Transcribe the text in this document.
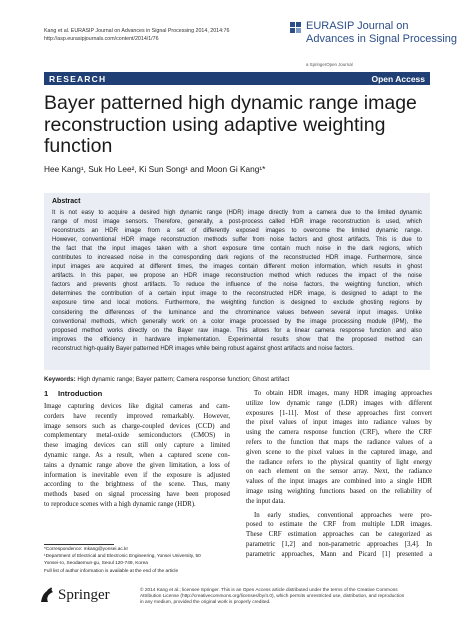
Kang et al. EURASIP Journal on Advances in Signal Processing 2014, 2014:76
http://asp.eurasipjournals.com/content/2014/1/76
EURASIP Journal on
Advances in Signal Processing
a SpringerOpen Journal
RESEARCH	Open Access
Bayer patterned high dynamic range image reconstruction using adaptive weighting function
Hee Kang¹, Suk Ho Lee², Ki Sun Song¹ and Moon Gi Kang¹*
Abstract
It is not easy to acquire a desired high dynamic range (HDR) image directly from a camera due to the limited dynamic
range of most image sensors. Therefore, generally, a post-process called HDR image reconstruction is used, which
reconstructs an HDR image from a set of differently exposed images to overcome the limited dynamic range.
However, conventional HDR image reconstruction methods suffer from noise factors and ghost artifacts. This is due to
the fact that the input images taken with a short exposure time contain much noise in the dark regions, which
contributes to increased noise in the corresponding dark regions of the reconstructed HDR image. Furthermore, since
input images are acquired at different times, the images contain different motion information, which results in ghost
artifacts. In this paper, we propose an HDR image reconstruction method which reduces the impact of the noise
factors and prevents ghost artifacts. To reduce the influence of the noise factors, the weighting function, which
determines the contribution of a certain input image to the reconstructed HDR image, is designed to adapt to the
exposure time and local motions. Furthermore, the weighting function is designed to exclude ghosting regions by
considering the differences of the luminance and the chrominance values between several input images. Unlike
conventional methods, which generally work on a color image processed by the image processing module (IPM), the
proposed method works directly on the Bayer raw image. This allows for a linear camera response function and also
improves the efficiency in hardware implementation. Experimental results show that the proposed method can
reconstruct high-quality Bayer patterned HDR images while being robust against ghost artifacts and noise factors.
Keywords: High dynamic range; Bayer pattern; Camera response function; Ghost artifact
1 Introduction
Image capturing devices like digital cameras and cam-
corders have recently improved remarkably. However,
image sensors such as charge-coupled devices (CCD) and
complementary metal-oxide semiconductors (CMOS) in
these imaging devices can still only capture a limited
dynamic range. As a result, when a captured scene con-
tains a dynamic range above the given limitation, a loss of
information is inevitable even if the exposure is adjusted
according to the brightness of the scene. Thus, many
methods based on signal processing have been proposed
to reproduce scenes with a high dynamic range (HDR).
To obtain HDR images, many HDR imaging approaches
utilize low dynamic range (LDR) images with different
exposures [1-11]. Most of these approaches first convert
the pixel values of input images into radiance values by
using the camera response function (CRF), where the CRF
refers to the function that maps the radiance values of a
given scene to the pixel values in the captured image, and
the radiance refers to the physical quantity of light energy
on each element on the sensor array. Next, the radiance
values of the input images are combined into a single HDR
image using weighting functions based on the reliability of
the input data.
In early studies, conventional approaches were pro-
posed to estimate the CRF from multiple LDR images.
These CRF estimation approaches can be categorized as
parametric [1,2] and non-parametric approaches [3,4]. In
parametric approaches, Mann and Picard [1] presented a
*Correspondence: mkang@yonsei.ac.kr
¹Department of Electrical and Electronic Engineering, Yonsei University, 50
Yonsei-ro, Seodaemun-gu, Seoul 120-749, Korea
Full list of author information is available at the end of the article
Springer	© 2014 Kang et al.; licensee Springer. This is an Open Access article distributed under the terms of the Creative Commons
Attribution License (http://creativecommons.org/licenses/by/4.0), which permits unrestricted use, distribution, and reproduction
in any medium, provided the original work is properly credited.
